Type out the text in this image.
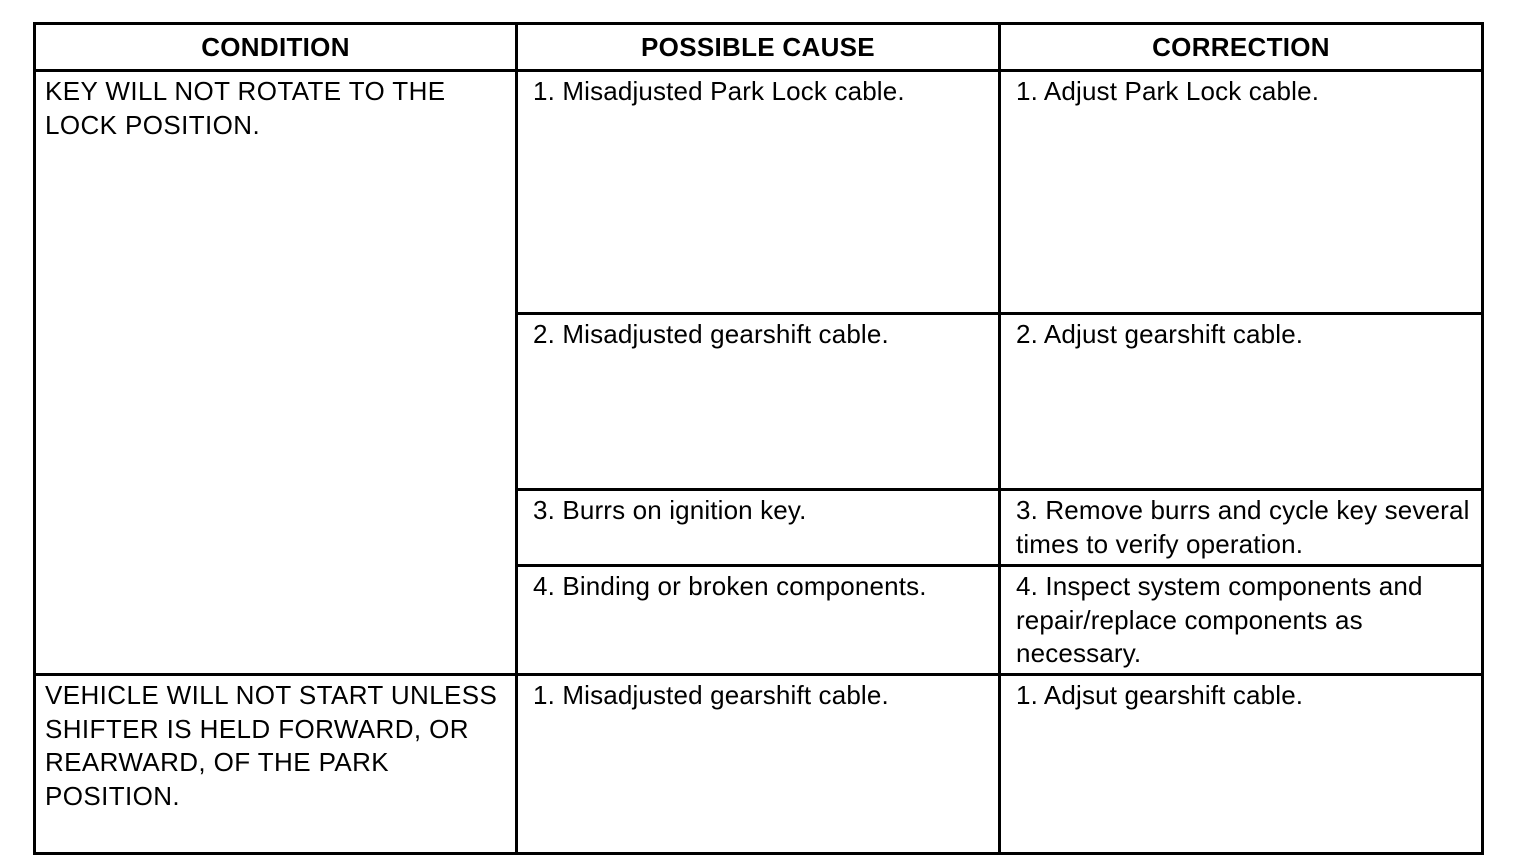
CONDITION	POSSIBLE CAUSE	CORRECTION
KEY WILL NOT ROTATE TO THE LOCK POSITION.	1. Misadjusted Park Lock cable.	1. Adjust Park Lock cable.
	2. Misadjusted gearshift cable.	2. Adjust gearshift cable.
	3. Burrs on ignition key.	3. Remove burrs and cycle key several times to verify operation.
	4. Binding or broken components.	4. Inspect system components and repair/replace components as necessary.
VEHICLE WILL NOT START UNLESS SHIFTER IS HELD FORWARD, OR REARWARD, OF THE PARK POSITION.	1. Misadjusted gearshift cable.	1. Adjsut gearshift cable.
